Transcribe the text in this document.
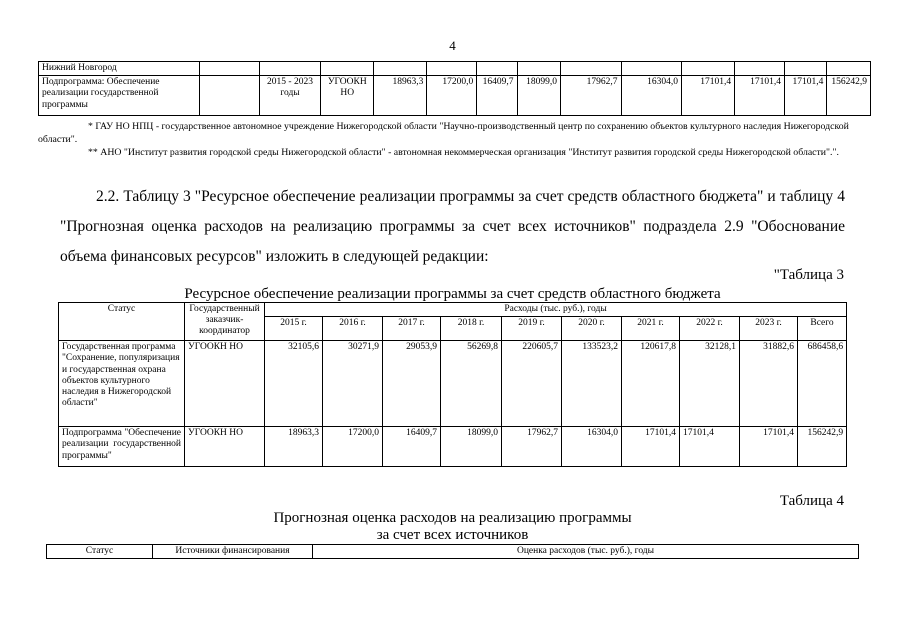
4
Нижний Новгород													
Подпрограмма: Обеспечение реализации государственной программы		2015 - 2023 годы	УГООКН НО	18963,3	17200,0	16409,7	18099,0	17962,7	16304,0	17101,4	17101,4	17101,4	156242,9
* ГАУ НО НПЦ - государственное автономное учреждение Нижегородской области "Научно-производственный центр по сохранению объектов культурного наследия Нижегородской области".
** АНО "Институт развития городской среды Нижегородской области" - автономная некоммерческая организация "Институт развития городской среды Нижегородской области".".
2.2. Таблицу 3 "Ресурсное обеспечение реализации программы за счет средств областного бюджета" и таблицу 4 "Прогнозная оценка расходов на реализацию программы за счет всех источников" подраздела 2.9 "Обоснование объема финансовых ресурсов" изложить в следующей редакции:
"Таблица 3
Ресурсное обеспечение реализации программы за счет средств областного бюджета
Статус	Государственный заказчик-координатор	Расходы (тыс. руб.), годы									
		2015 г.	2016 г.	2017 г.	2018 г.	2019 г.	2020 г.	2021 г.	2022 г.	2023 г.	Всего
Государственная программа "Сохранение, популяризация и государственная охрана объектов культурного наследия в Нижегородской области"	УГООКН НО	32105,6	30271,9	29053,9	56269,8	220605,7	133523,2	120617,8	32128,1	31882,6	686458,6
Подпрограмма "Обеспечение реализации государственной программы"	УГООКН НО	18963,3	17200,0	16409,7	18099,0	17962,7	16304,0	17101,4	17101,4	17101,4	156242,9
Таблица 4
Прогнозная оценка расходов на реализацию программы
за счет всех источников
Статус	Источники финансирования	Оценка расходов (тыс. руб.), годы
